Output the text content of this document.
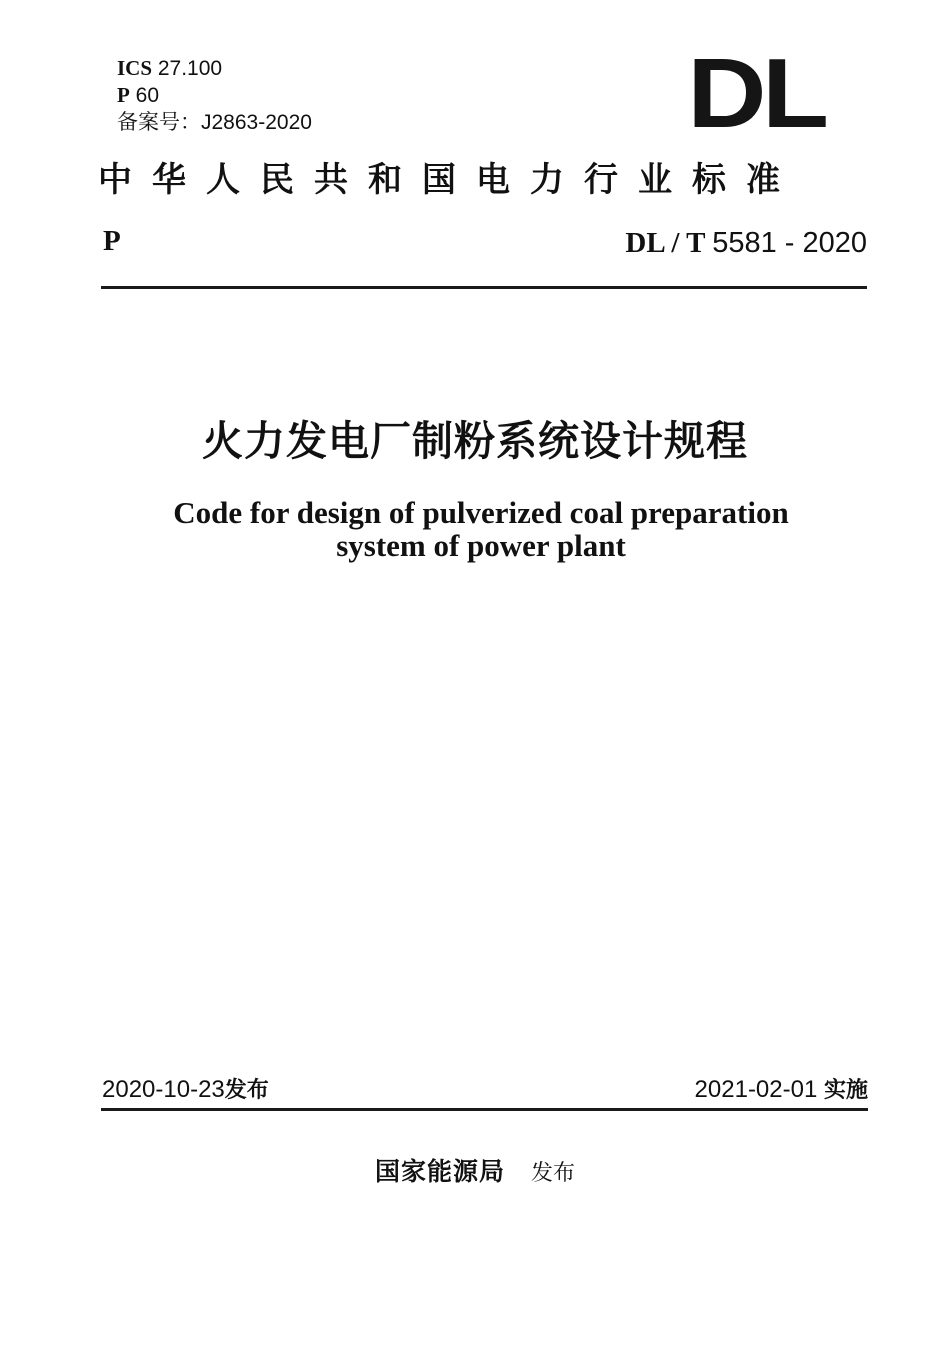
ICS 27.100
P 60
备案号：J2863-2020	DL
中华人民共和国电力行业标准
P	DL / T 5581 - 2020
火力发电厂制粉系统设计规程
Code for design of pulverized coal preparation
system of power plant
2020-10-23发布	2021-02-01 实施
国家能源局 发布
